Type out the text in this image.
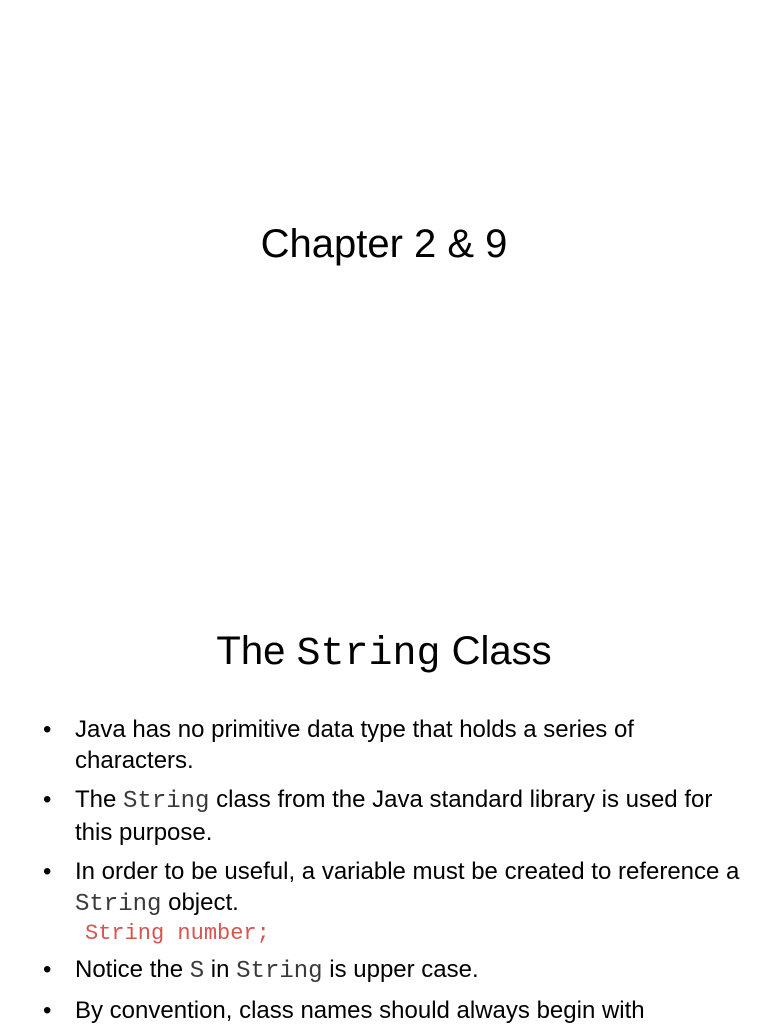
Chapter 2 & 9
The String Class
• Java has no primitive data type that holds a series of characters.
• The String class from the Java standard library is used for this purpose.
• In order to be useful, a variable must be created to reference a String object.
String number;
• Notice the S in String is upper case.
• By convention, class names should always begin with
